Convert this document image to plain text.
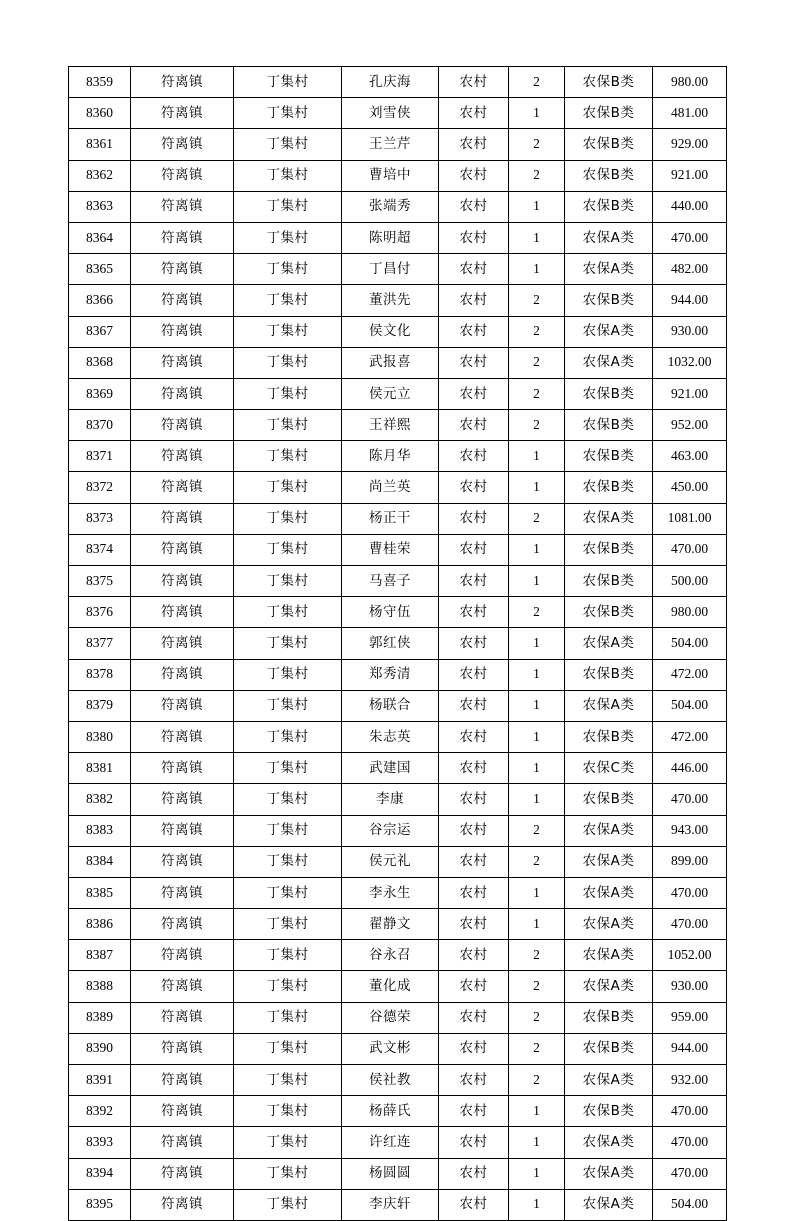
8359	符离镇	丁集村	孔庆海	农村	2	农保B类	980.00
8360	符离镇	丁集村	刘雪侠	农村	1	农保B类	481.00
8361	符离镇	丁集村	王兰芹	农村	2	农保B类	929.00
8362	符离镇	丁集村	曹培中	农村	2	农保B类	921.00
8363	符离镇	丁集村	张端秀	农村	1	农保B类	440.00
8364	符离镇	丁集村	陈明超	农村	1	农保A类	470.00
8365	符离镇	丁集村	丁昌付	农村	1	农保A类	482.00
8366	符离镇	丁集村	董洪先	农村	2	农保B类	944.00
8367	符离镇	丁集村	侯文化	农村	2	农保A类	930.00
8368	符离镇	丁集村	武报喜	农村	2	农保A类	1032.00
8369	符离镇	丁集村	侯元立	农村	2	农保B类	921.00
8370	符离镇	丁集村	王祥熙	农村	2	农保B类	952.00
8371	符离镇	丁集村	陈月华	农村	1	农保B类	463.00
8372	符离镇	丁集村	尚兰英	农村	1	农保B类	450.00
8373	符离镇	丁集村	杨正干	农村	2	农保A类	1081.00
8374	符离镇	丁集村	曹桂荣	农村	1	农保B类	470.00
8375	符离镇	丁集村	马喜子	农村	1	农保B类	500.00
8376	符离镇	丁集村	杨守伍	农村	2	农保B类	980.00
8377	符离镇	丁集村	郭红侠	农村	1	农保A类	504.00
8378	符离镇	丁集村	郑秀清	农村	1	农保B类	472.00
8379	符离镇	丁集村	杨联合	农村	1	农保A类	504.00
8380	符离镇	丁集村	朱志英	农村	1	农保B类	472.00
8381	符离镇	丁集村	武建国	农村	1	农保C类	446.00
8382	符离镇	丁集村	李康	农村	1	农保B类	470.00
8383	符离镇	丁集村	谷宗运	农村	2	农保A类	943.00
8384	符离镇	丁集村	侯元礼	农村	2	农保A类	899.00
8385	符离镇	丁集村	李永生	农村	1	农保A类	470.00
8386	符离镇	丁集村	翟静文	农村	1	农保A类	470.00
8387	符离镇	丁集村	谷永召	农村	2	农保A类	1052.00
8388	符离镇	丁集村	董化成	农村	2	农保A类	930.00
8389	符离镇	丁集村	谷德荣	农村	2	农保B类	959.00
8390	符离镇	丁集村	武文彬	农村	2	农保B类	944.00
8391	符离镇	丁集村	侯社教	农村	2	农保A类	932.00
8392	符离镇	丁集村	杨薛氏	农村	1	农保B类	470.00
8393	符离镇	丁集村	许红连	农村	1	农保A类	470.00
8394	符离镇	丁集村	杨圆圆	农村	1	农保A类	470.00
8395	符离镇	丁集村	李庆轩	农村	1	农保A类	504.00
